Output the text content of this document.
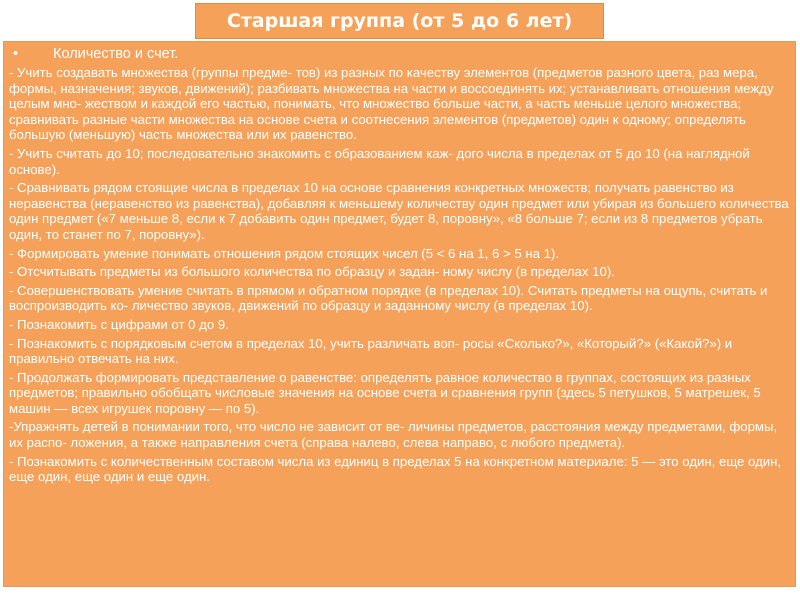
Старшая группа (от 5 до 6 лет)
•	Количество и счет.

- Учить создавать множества (группы предме- тов) из разных по качеству элементов (предметов разного цвета, раз мера, формы, назначения; звуков, движений); разбивать множества на части и воссоединять их; устанавливать отношения между целым мно- жеством и каждой его частью, понимать, что множество больше части, а часть меньше целого множества; сравнивать разные части множества на основе счета и соотнесения элементов (предметов) один к одному; определять большую (меньшую) часть множества или их равенство.

- Учить считать до 10; последовательно знакомить с образованием каж- дого числа в пределах от 5 до 10 (на наглядной основе).

- Сравнивать рядом стоящие числа в пределах 10 на основе сравнения конкретных множеств; получать равенство из неравенства (неравенство из равенства), добавляя к меньшему количеству один предмет или убирая из большего количества один предмет («7 меньше 8, если к 7 добавить один предмет, будет 8, поровну», «8 больше 7; если из 8 предметов убрать один, то станет по 7, поровну»).

- Формировать умение понимать отношения рядом стоящих чисел (5 < 6 на 1, 6 > 5 на 1).

- Отсчитывать предметы из большого количества по образцу и задан- ному числу (в пределах 10).

- Совершенствовать умение считать в прямом и обратном порядке (в пределах 10). Считать предметы на ощупь, считать и воспроизводить ко- личество звуков, движений по образцу и заданному числу (в пределах 10).

- Познакомить с цифрами от 0 до 9.

- Познакомить с порядковым счетом в пределах 10, учить различать воп- росы «Сколько?», «Который?» («Какой?») и правильно отвечать на них.

- Продолжать формировать представление о равенстве: определять равное количество в группах, состоящих из разных предметов; правильно обобщать числовые значения на основе счета и сравнения групп (здесь 5 петушков, 5 матрешек, 5 машин — всех игрушек поровну — по 5).

-Упражнять детей в понимании того, что число не зависит от ве- личины предметов, расстояния между предметами, формы, их распо- ложения, а также направления счета (справа налево, слева направо, с любого предмета).

- Познакомить с количественным составом числа из единиц в пределах 5 на конкретном материале: 5 — это один, еще один, еще один, еще один и еще один.
